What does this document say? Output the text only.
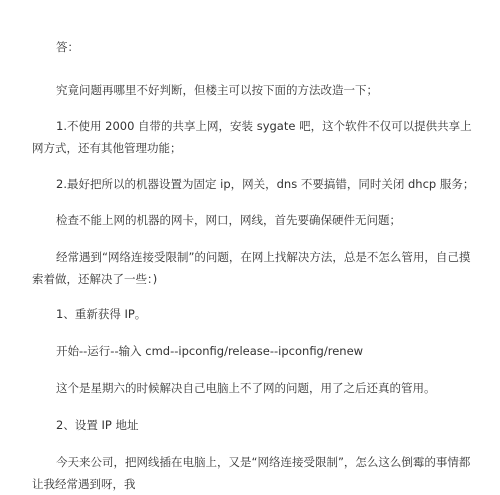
答：

究竟问题再哪里不好判断，但楼主可以按下面的方法改造一下；

1.不使用 2000 自带的共享上网，安装 sygate 吧，这个软件不仅可以提供共享上网方式，还有其他管理功能；

2.最好把所以的机器设置为固定 ip，网关，dns 不要搞错，同时关闭 dhcp 服务；

检查不能上网的机器的网卡，网口，网线，首先要确保硬件无问题；

经常遇到“网络连接受限制”的问题，在网上找解决方法，总是不怎么管用，自己摸索着做，还解决了一些：)

1、重新获得 IP。

开始--运行--输入 cmd--ipconfig/release--ipconfig/renew

这个是星期六的时候解决自己电脑上不了网的问题，用了之后还真的管用。

2、设置 IP 地址

今天来公司，把网线插在电脑上，又是“网络连接受限制”，怎么这么倒霉的事情都让我经常遇到呀，我
